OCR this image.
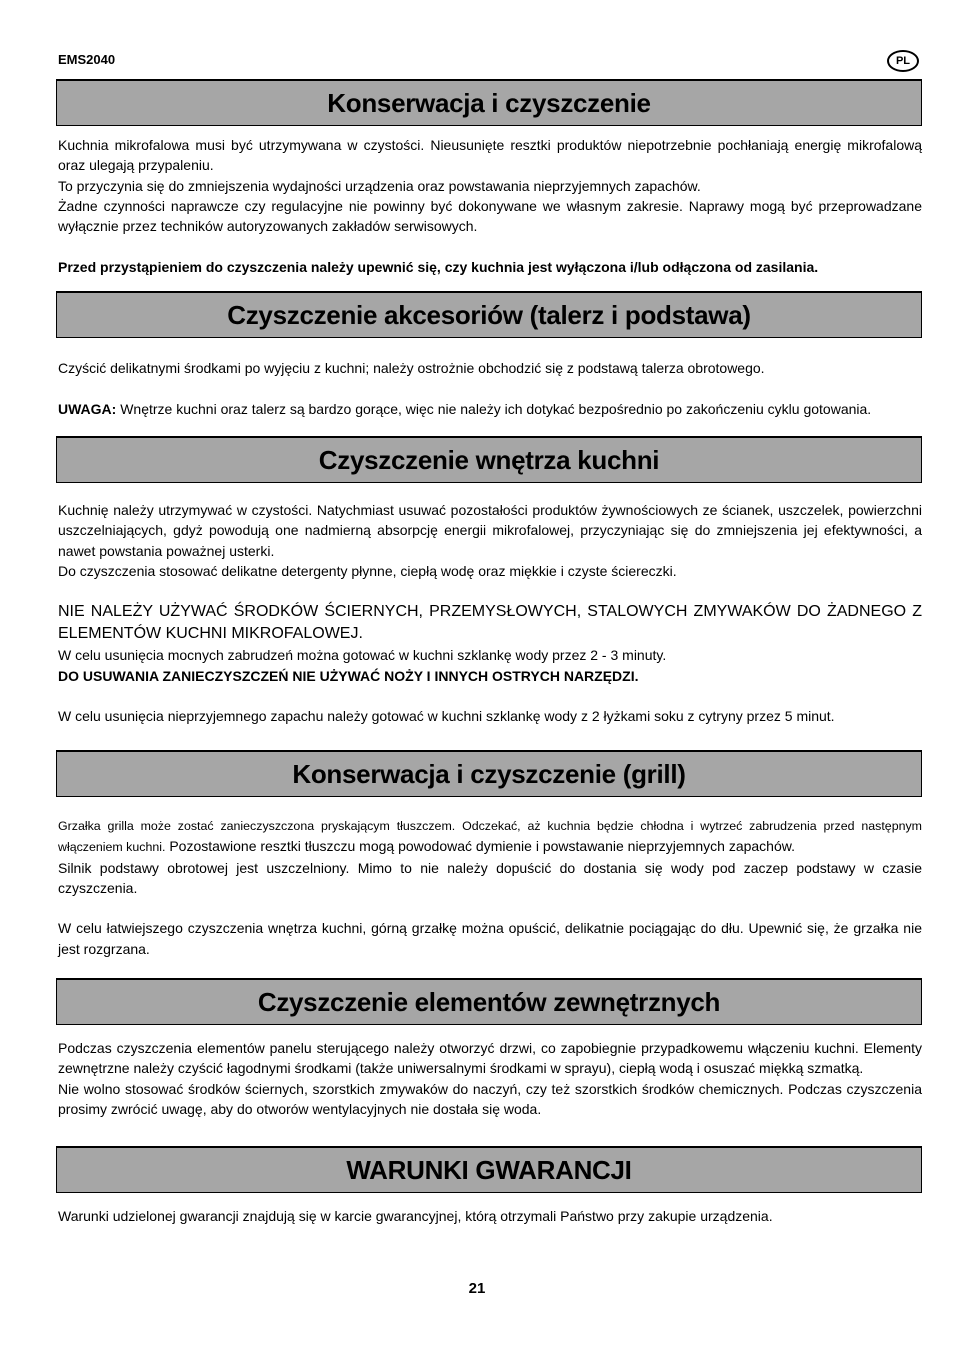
EMS2040	PL
Konserwacja i czyszczenie

Kuchnia mikrofalowa musi być utrzymywana w czystości. Nieusunięte resztki produktów niepotrzebnie pochłaniają energię mikrofalową oraz ulegają przypaleniu.

To przyczynia się do zmniejszenia wydajności urządzenia oraz powstawania nieprzyjemnych zapachów.

Żadne czynności naprawcze czy regulacyjne nie powinny być dokonywane we własnym zakresie. Naprawy mogą być przeprowadzane wyłącznie przez techników autoryzowanych zakładów serwisowych.

Przed przystąpieniem do czyszczenia należy upewnić się, czy kuchnia jest wyłączona i/lub odłączona od zasilania.

Czyszczenie akcesoriów (talerz i podstawa)

Czyścić delikatnymi środkami po wyjęciu z kuchni; należy ostrożnie obchodzić się z podstawą talerza obrotowego.

UWAGA: Wnętrze kuchni oraz talerz są bardzo gorące, więc nie należy ich dotykać bezpośrednio po zakończeniu cyklu gotowania.

Czyszczenie wnętrza kuchni

Kuchnię należy utrzymywać w czystości. Natychmiast usuwać pozostałości produktów żywnościowych ze ścianek, uszczelek, powierzchni uszczelniających, gdyż powodują one nadmierną absorpcję energii mikrofalowej, przyczyniając się do zmniejszenia jej efektywności, a nawet powstania poważnej usterki.

Do czyszczenia stosować delikatne detergenty płynne, ciepłą wodę oraz miękkie i czyste ściereczki.

NIE NALEŻY UŻYWAĆ ŚRODKÓW ŚCIERNYCH, PRZEMYSŁOWYCH, STALOWYCH ZMYWAKÓW DO ŻADNEGO Z ELEMENTÓW KUCHNI MIKROFALOWEJ.

W celu usunięcia mocnych zabrudzeń można gotować w kuchni szklankę wody przez 2 - 3 minuty.

DO USUWANIA ZANIECZYSZCZEŃ NIE UŻYWAĆ NOŻY I INNYCH OSTRYCH NARZĘDZI.

W celu usunięcia nieprzyjemnego zapachu należy gotować w kuchni szklankę wody z 2 łyżkami soku z cytryny przez 5 minut.

Konserwacja i czyszczenie (grill)

Grzałka grilla może zostać zanieczyszczona pryskającym tłuszczem. Odczekać, aż kuchnia będzie chłodna i wytrzeć zabrudzenia przed następnym włączeniem kuchni. Pozostawione resztki tłuszczu mogą powodować dymienie i powstawanie nieprzyjemnych zapachów.

Silnik podstawy obrotowej jest uszczelniony. Mimo to nie należy dopuścić do dostania się wody pod zaczep podstawy w czasie czyszczenia.

W celu łatwiejszego czyszczenia wnętrza kuchni, górną grzałkę można opuścić, delikatnie pociągając do dłu. Upewnić się, że grzałka nie jest rozgrzana.

Czyszczenie elementów zewnętrznych

Podczas czyszczenia elementów panelu sterującego należy otworzyć drzwi, co zapobiegnie przypadkowemu włączeniu kuchni. Elementy zewnętrzne należy czyścić łagodnymi środkami (także uniwersalnymi środkami w sprayu), ciepłą wodą i osuszać miękką szmatką.

Nie wolno stosować środków ściernych, szorstkich zmywaków do naczyń, czy też szorstkich środków chemicznych. Podczas czyszczenia prosimy zwrócić uwagę, aby do otworów wentylacyjnych nie dostała się woda.

WARUNKI GWARANCJI

Warunki udzielonej gwarancji znajdują się w karcie gwarancyjnej, którą otrzymali Państwo przy zakupie urządzenia.

21
